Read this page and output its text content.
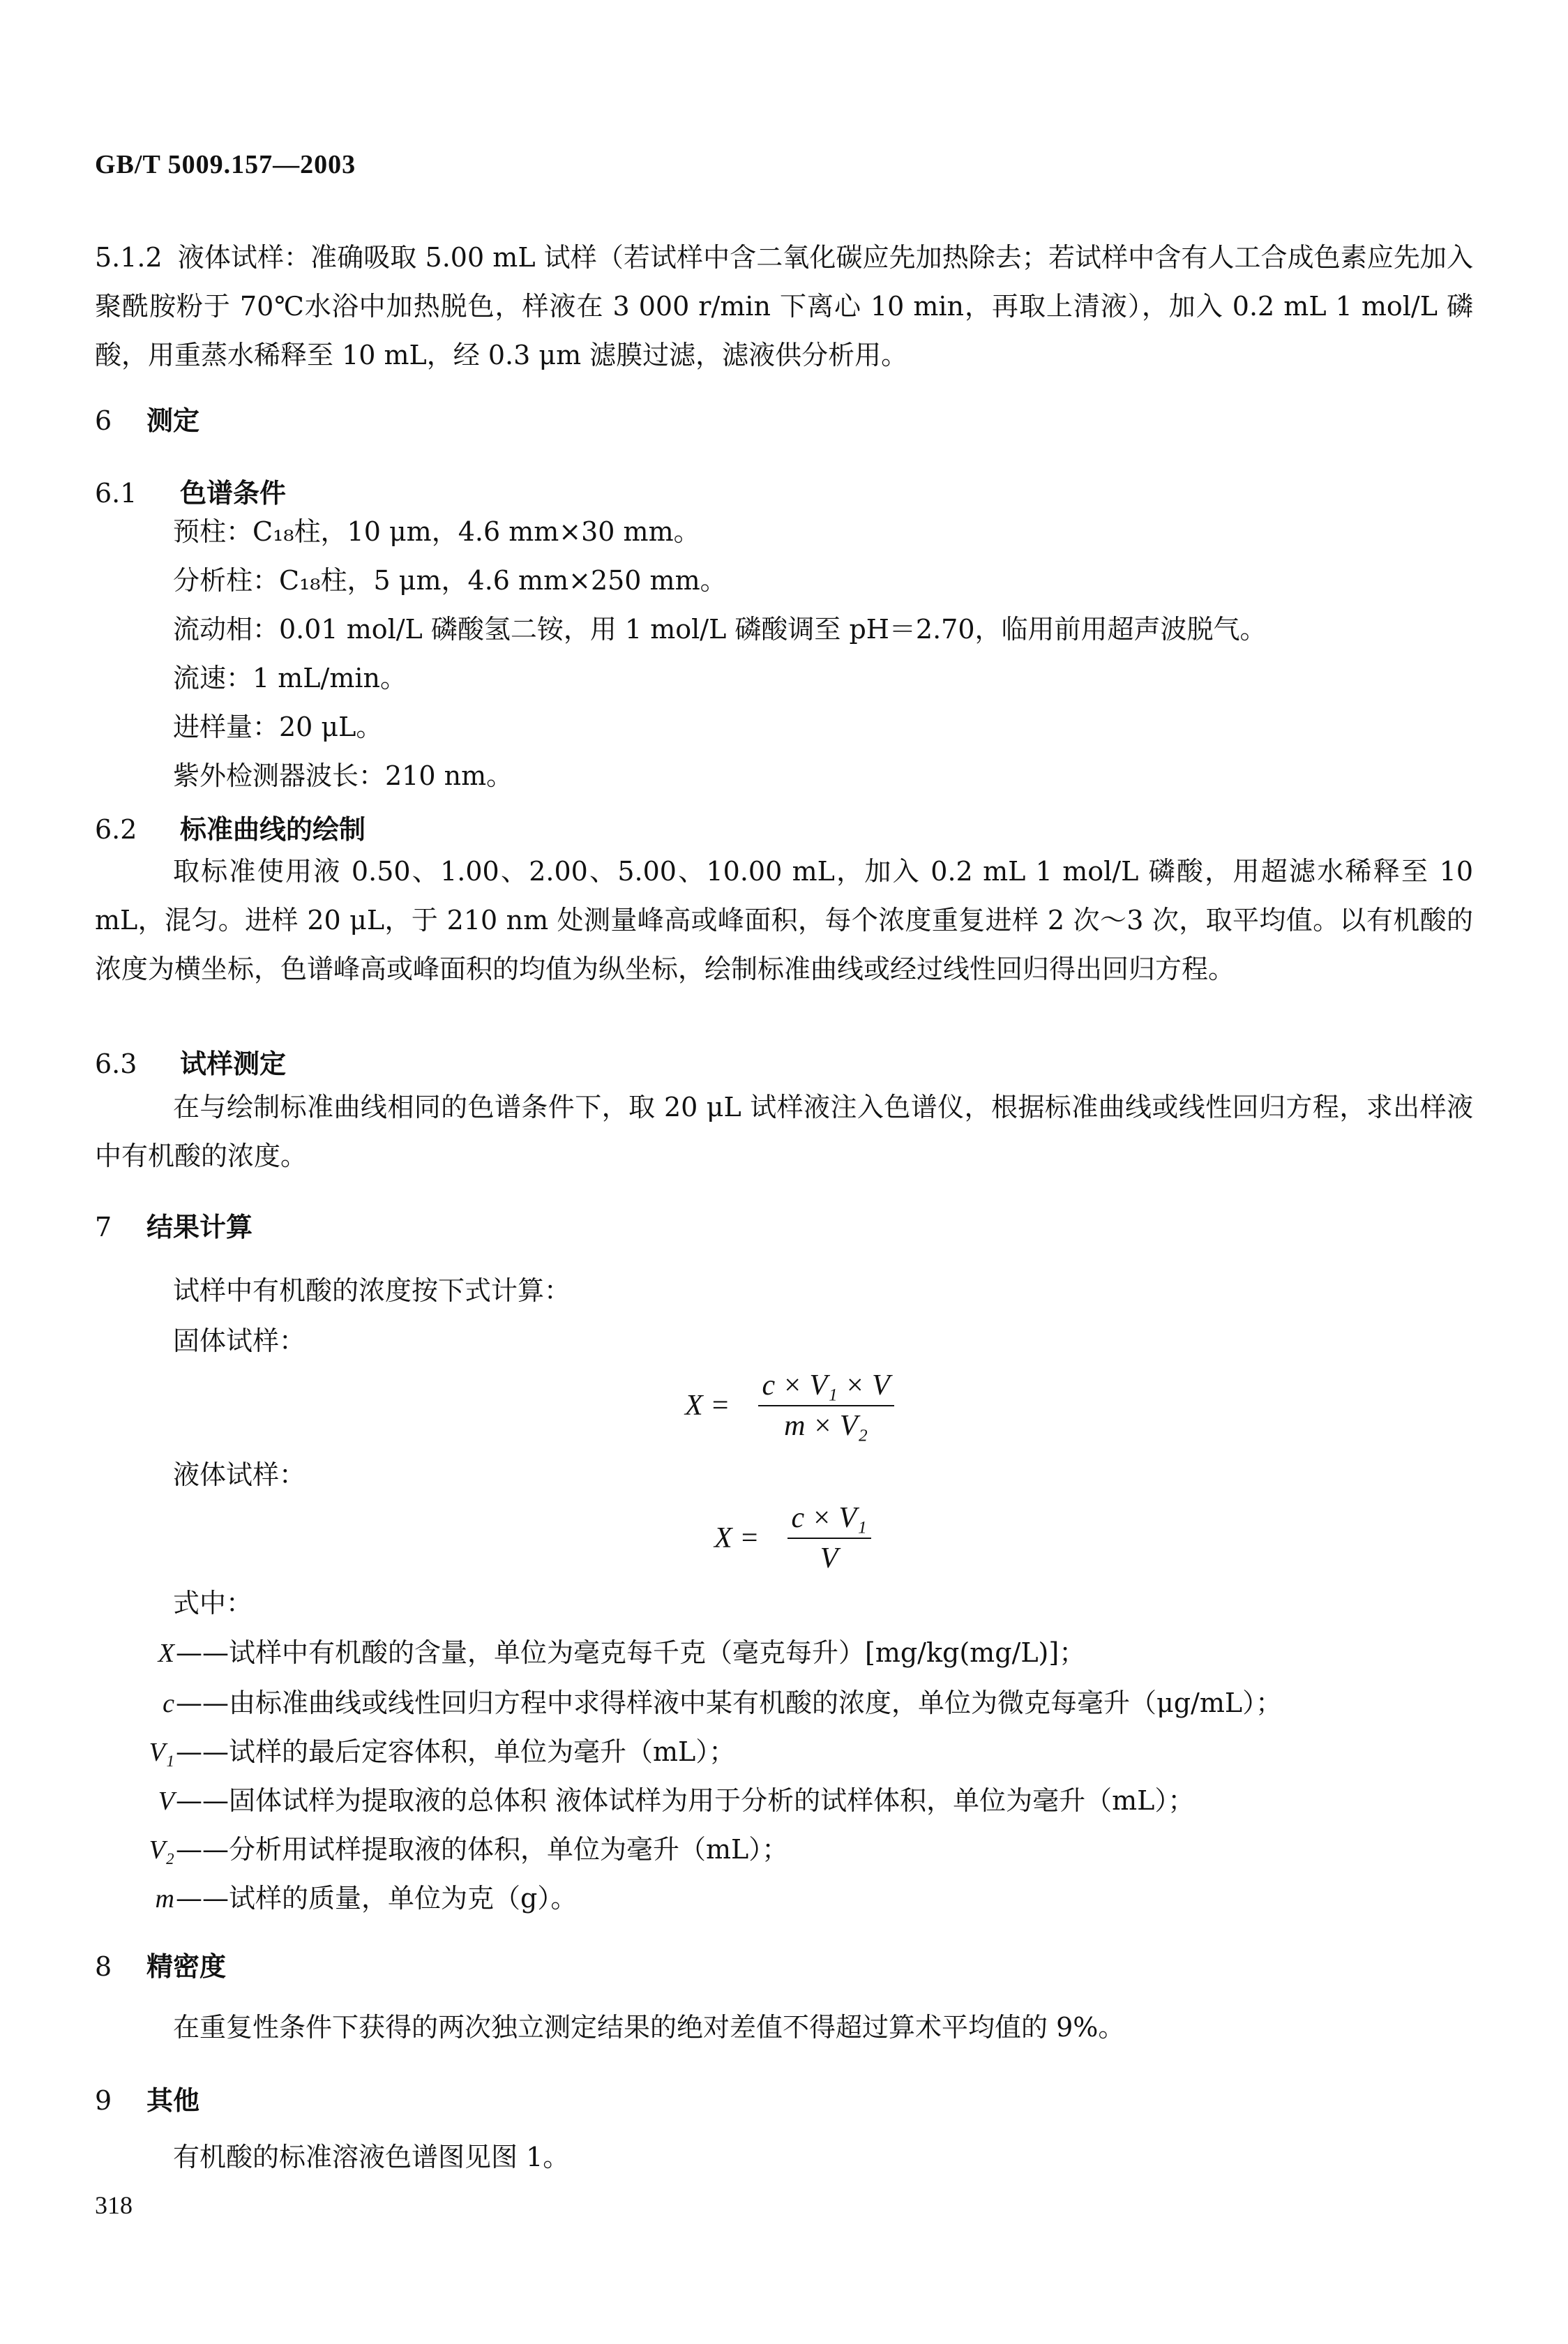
GB/T 5009.157—2003
5.1.2 液体试样：准确吸取 5.00 mL 试样（若试样中含二氧化碳应先加热除去；若试样中含有人工合成色素应先加入聚酰胺粉于 70℃水浴中加热脱色，样液在 3 000 r/min 下离心 10 min，再取上清液），加入 0.2 mL 1 mol/L 磷酸，用重蒸水稀释至 10 mL，经 0.3 μm 滤膜过滤，滤液供分析用。
6 测定
6.1 色谱条件
预柱：C₁₈柱，10 μm，4.6 mm×30 mm。
分析柱：C₁₈柱，5 μm，4.6 mm×250 mm。
流动相：0.01 mol/L 磷酸氢二铵，用 1 mol/L 磷酸调至 pH＝2.70，临用前用超声波脱气。
流速：1 mL/min。
进样量：20 μL。
紫外检测器波长：210 nm。
6.2 标准曲线的绘制
取标准使用液 0.50、1.00、2.00、5.00、10.00 mL，加入 0.2 mL 1 mol/L 磷酸，用超滤水稀释至 10 mL，混匀。进样 20 μL，于 210 nm 处测量峰高或峰面积，每个浓度重复进样 2 次～3 次，取平均值。以有机酸的浓度为横坐标，色谱峰高或峰面积的均值为纵坐标，绘制标准曲线或经过线性回归得出回归方程。
6.3 试样测定
在与绘制标准曲线相同的色谱条件下，取 20 μL 试样液注入色谱仪，根据标准曲线或线性回归方程，求出样液中有机酸的浓度。
7 结果计算
试样中有机酸的浓度按下式计算：
固体试样：
$X = \frac{\text{c × V₁ × V}}{\text{m × V₂}}$
液体试样：
$X = \frac{\text{c × V₁}}{V}$
式中：
X——试样中有机酸的含量，单位为毫克每千克（毫克每升）[mg/kg(mg/L)]；
c——由标准曲线或线性回归方程中求得样液中某有机酸的浓度，单位为微克每毫升（μg/mL）；
V₁——试样的最后定容体积，单位为毫升（mL）；
V——固体试样为提取液的总体积 液体试样为用于分析的试样体积，单位为毫升（mL）；
V₂——分析用试样提取液的体积，单位为毫升（mL）；
m——试样的质量，单位为克（g）。
8 精密度
在重复性条件下获得的两次独立测定结果的绝对差值不得超过算术平均值的 9%。
9 其他
有机酸的标准溶液色谱图见图 1。
318
